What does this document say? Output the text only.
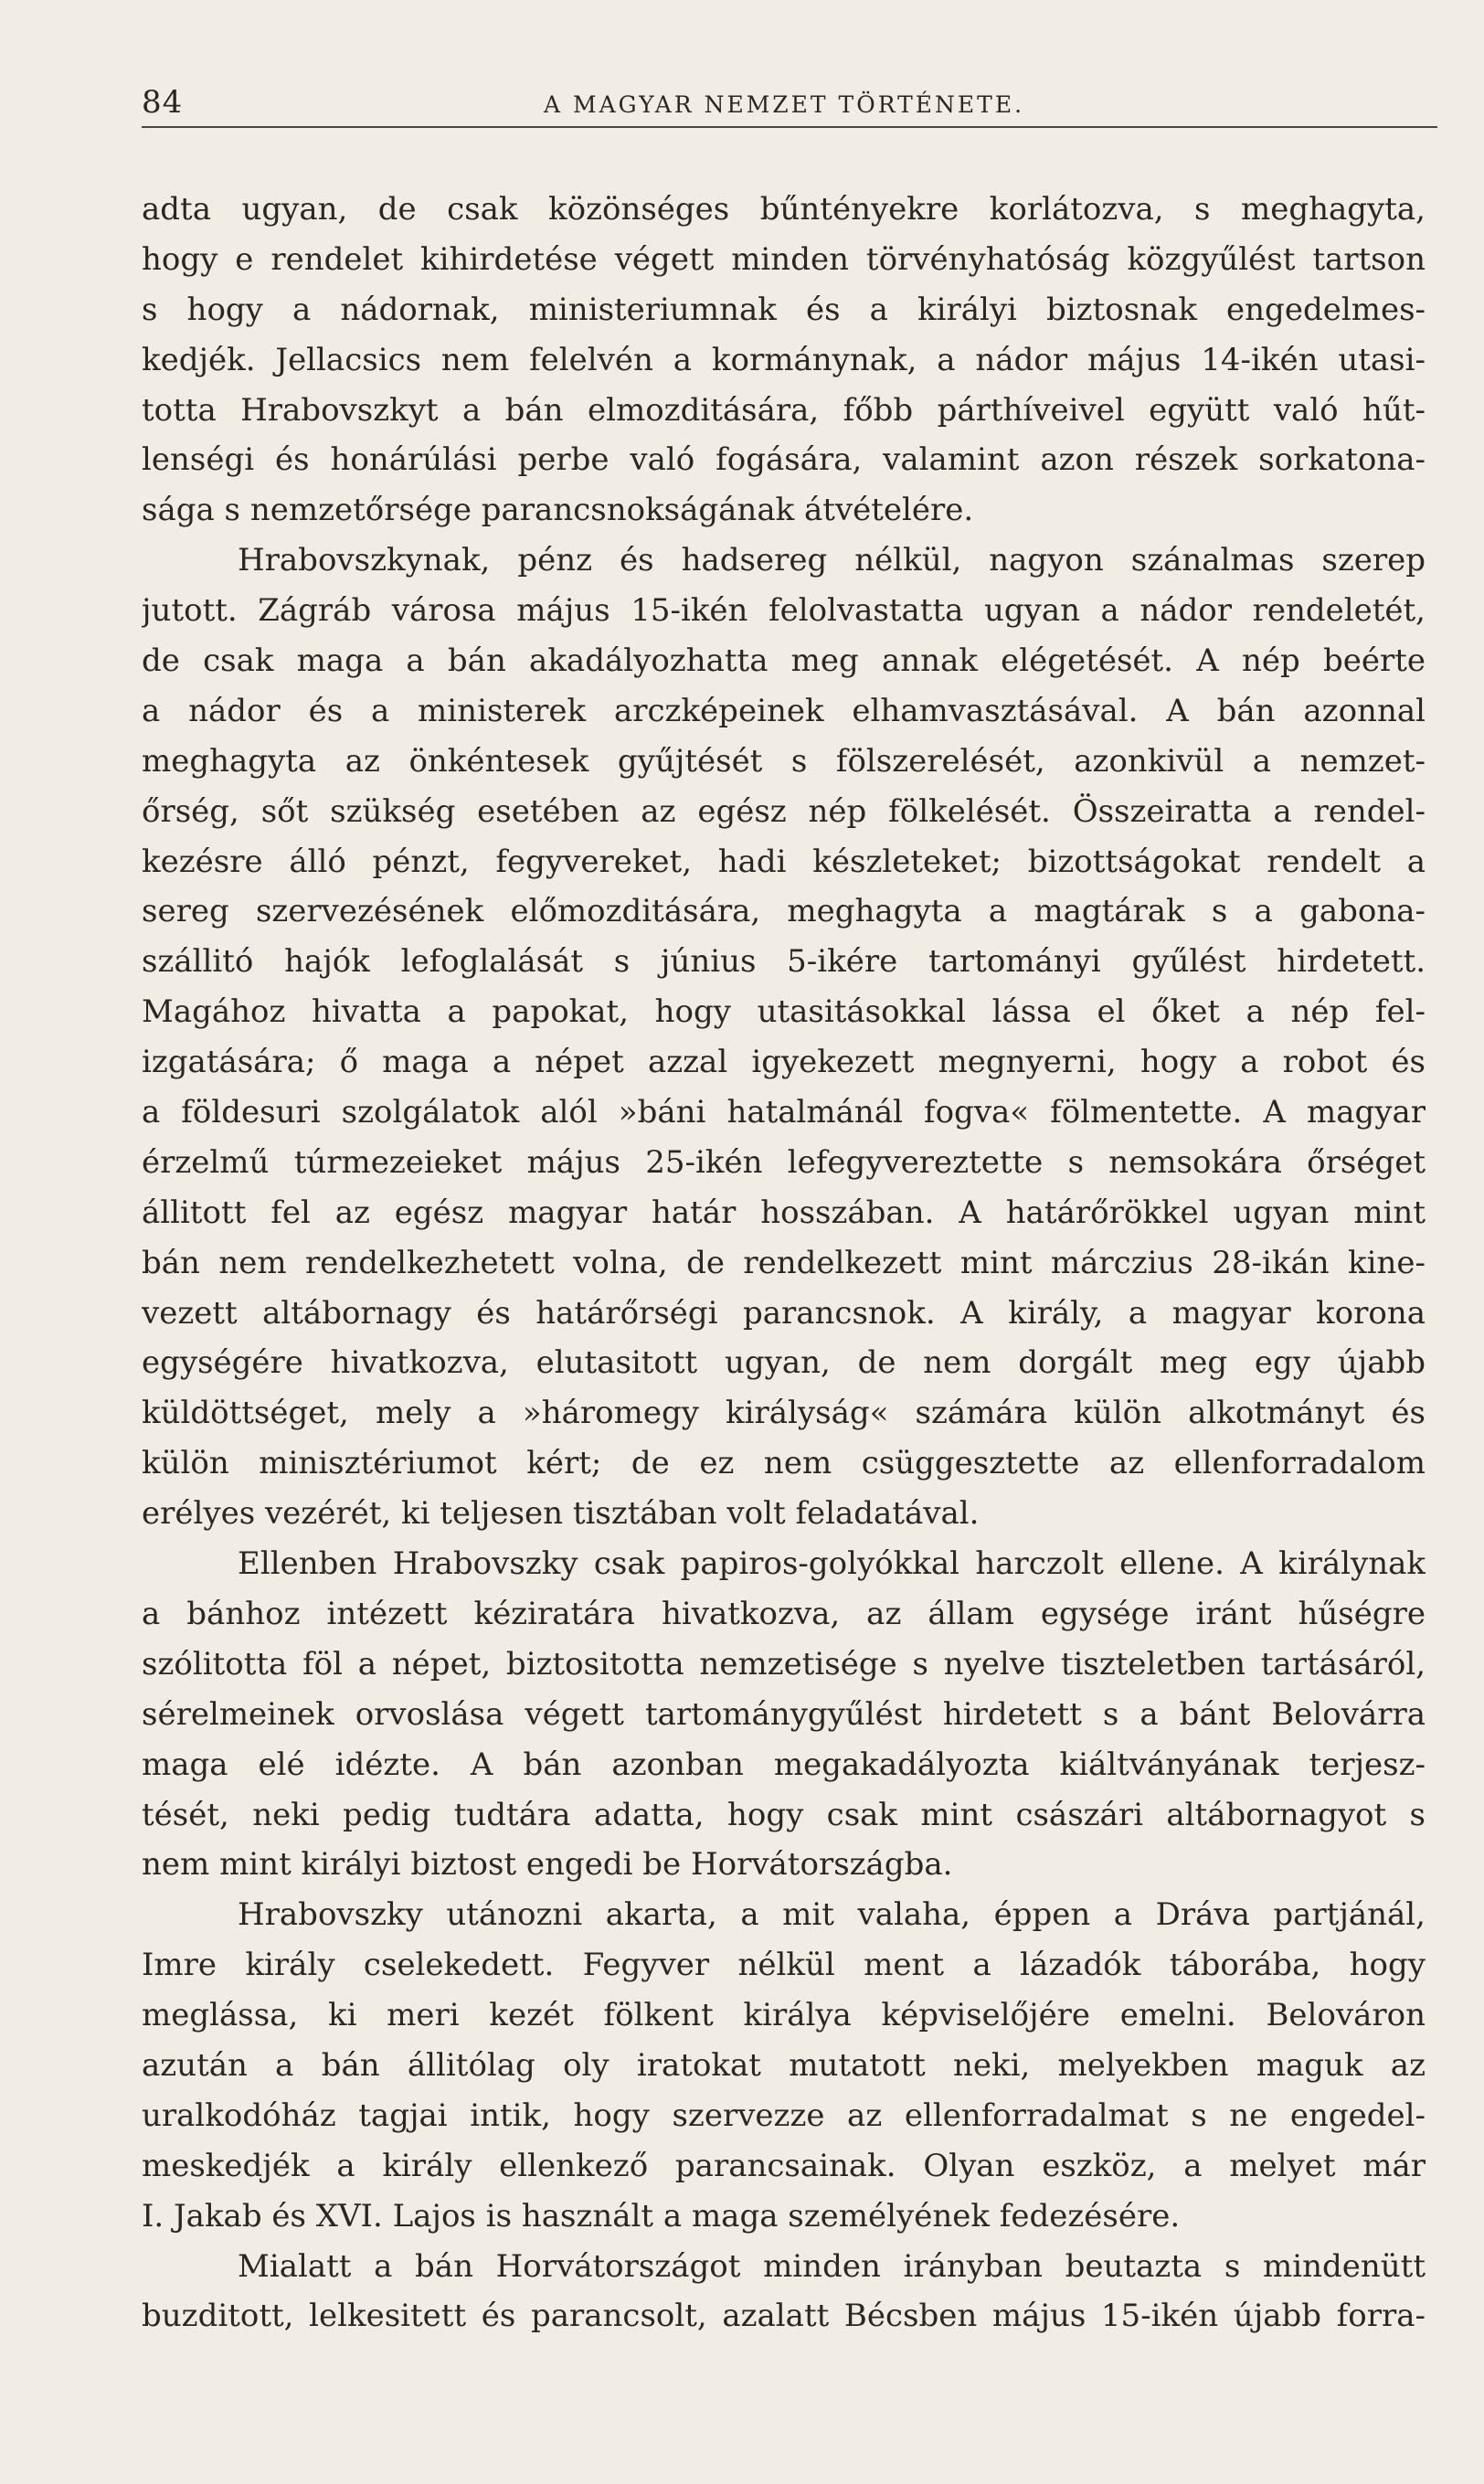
84	A MAGYAR NEMZET TÖRTÉNETE.
adta ugyan, de csak közönséges bűntényekre korlátozva, s meghagyta,
hogy e rendelet kihirdetése végett minden törvényhatóság közgyűlést tartson
s hogy a nádornak, ministeriumnak és a királyi biztosnak engedelmes-
kedjék. Jellacsics nem felelvén a kormánynak, a nádor május 14-ikén utasi-
totta Hrabovszkyt a bán elmozditására, főbb párthíveivel együtt való hűt-
lenségi és honárúlási perbe való fogására, valamint azon részek sorkatona-
sága s nemzetőrsége parancsnokságának átvételére.
Hrabovszkynak, pénz és hadsereg nélkül, nagyon szánalmas szerep
jutott. Zágráb városa május 15-ikén felolvastatta ugyan a nádor rendeletét,
de csak maga a bán akadályozhatta meg annak elégetését. A nép beérte
a nádor és a ministerek arczképeinek elhamvasztásával. A bán azonnal
meghagyta az önkéntesek gyűjtését s fölszerelését, azonkivül a nemzet-
őrség, sőt szükség esetében az egész nép fölkelését. Összeiratta a rendel-
kezésre álló pénzt, fegyvereket, hadi készleteket; bizottságokat rendelt a
sereg szervezésének előmozditására, meghagyta a magtárak s a gabona-
szállitó hajók lefoglalását s június 5-ikére tartományi gyűlést hirdetett.
Magához hivatta a papokat, hogy utasitásokkal lássa el őket a nép fel-
izgatására; ő maga a népet azzal igyekezett megnyerni, hogy a robot és
a földesuri szolgálatok alól »báni hatalmánál fogva« fölmentette. A magyar
érzelmű túrmezeieket május 25-ikén lefegyvereztette s nemsokára őrséget
állitott fel az egész magyar határ hosszában. A határőrökkel ugyan mint
bán nem rendelkezhetett volna, de rendelkezett mint márczius 28-ikán kine-
vezett altábornagy és határőrségi parancsnok. A király, a magyar korona
egységére hivatkozva, elutasitott ugyan, de nem dorgált meg egy újabb
küldöttséget, mely a »háromegy királyság« számára külön alkotmányt és
külön minisztériumot kért; de ez nem csüggesztette az ellenforradalom
erélyes vezérét, ki teljesen tisztában volt feladatával.
Ellenben Hrabovszky csak papiros-golyókkal harczolt ellene. A királynak
a bánhoz intézett kéziratára hivatkozva, az állam egysége iránt hűségre
szólitotta föl a népet, biztositotta nemzetisége s nyelve tiszteletben tartásáról,
sérelmeinek orvoslása végett tartománygyűlést hirdetett s a bánt Belovárra
maga elé idézte. A bán azonban megakadályozta kiáltványának terjesz-
tését, neki pedig tudtára adatta, hogy csak mint császári altábornagyot s
nem mint királyi biztost engedi be Horvátországba.
Hrabovszky utánozni akarta, a mit valaha, éppen a Dráva partjánál,
Imre király cselekedett. Fegyver nélkül ment a lázadók táborába, hogy
meglássa, ki meri kezét fölkent királya képviselőjére emelni. Belováron
azután a bán állitólag oly iratokat mutatott neki, melyekben maguk az
uralkodóház tagjai intik, hogy szervezze az ellenforradalmat s ne engedel-
meskedjék a király ellenkező parancsainak. Olyan eszköz, a melyet már
I. Jakab és XVI. Lajos is használt a maga személyének fedezésére.
Mialatt a bán Horvátországot minden irányban beutazta s mindenütt
buzditott, lelkesitett és parancsolt, azalatt Bécsben május 15-ikén újabb forra-
